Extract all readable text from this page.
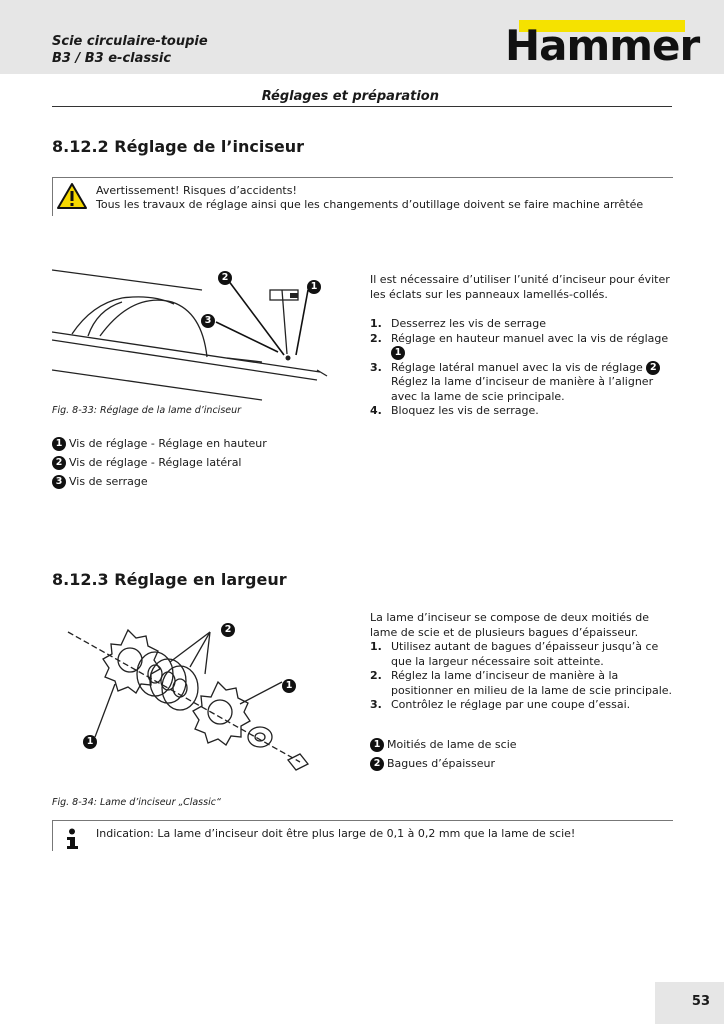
Scie circulaire-toupie
B3 / B3 e-classic	Hammer
Réglages et préparation
8.12.2 Réglage de l’inciseur
Avertissement! Risques d’accidents!
Tous les travaux de réglage ainsi que les changements d’outillage doivent se faire machine arrêtée
2
1
3
Fig. 8-33: Réglage de la lame d’inciseur
1 Vis de réglage - Réglage en hauteur
2 Vis de réglage - Réglage latéral
3 Vis de serrage
Il est nécessaire d’utiliser l’unité d’inciseur pour éviter les éclats sur les panneaux lamellés-collés.
1. Desserrez les vis de serrage
2. Réglage en hauteur manuel avec la vis de réglage 1
3. Réglage latéral manuel avec la vis de réglage 2
Réglez la lame d’inciseur de manière à l’aligner avec la lame de scie principale.
4. Bloquez les vis de serrage.
8.12.3 Réglage en largeur
2
1
1
Fig. 8-34: Lame d’inciseur „Classic“
La lame d’inciseur se compose de deux moitiés de lame de scie et de plusieurs bagues d’épaisseur.
1. Utilisez autant de bagues d’épaisseur jusqu’à ce que la largeur nécessaire soit atteinte.
2. Réglez la lame d’inciseur de manière à la positionner en milieu de la lame de scie principale.
3. Contrôlez le réglage par une coupe d’essai.
1 Moitiés de lame de scie
2 Bagues d’épaisseur
Indication: La lame d’inciseur doit être plus large de 0,1 à 0,2 mm que la lame de scie!
53
